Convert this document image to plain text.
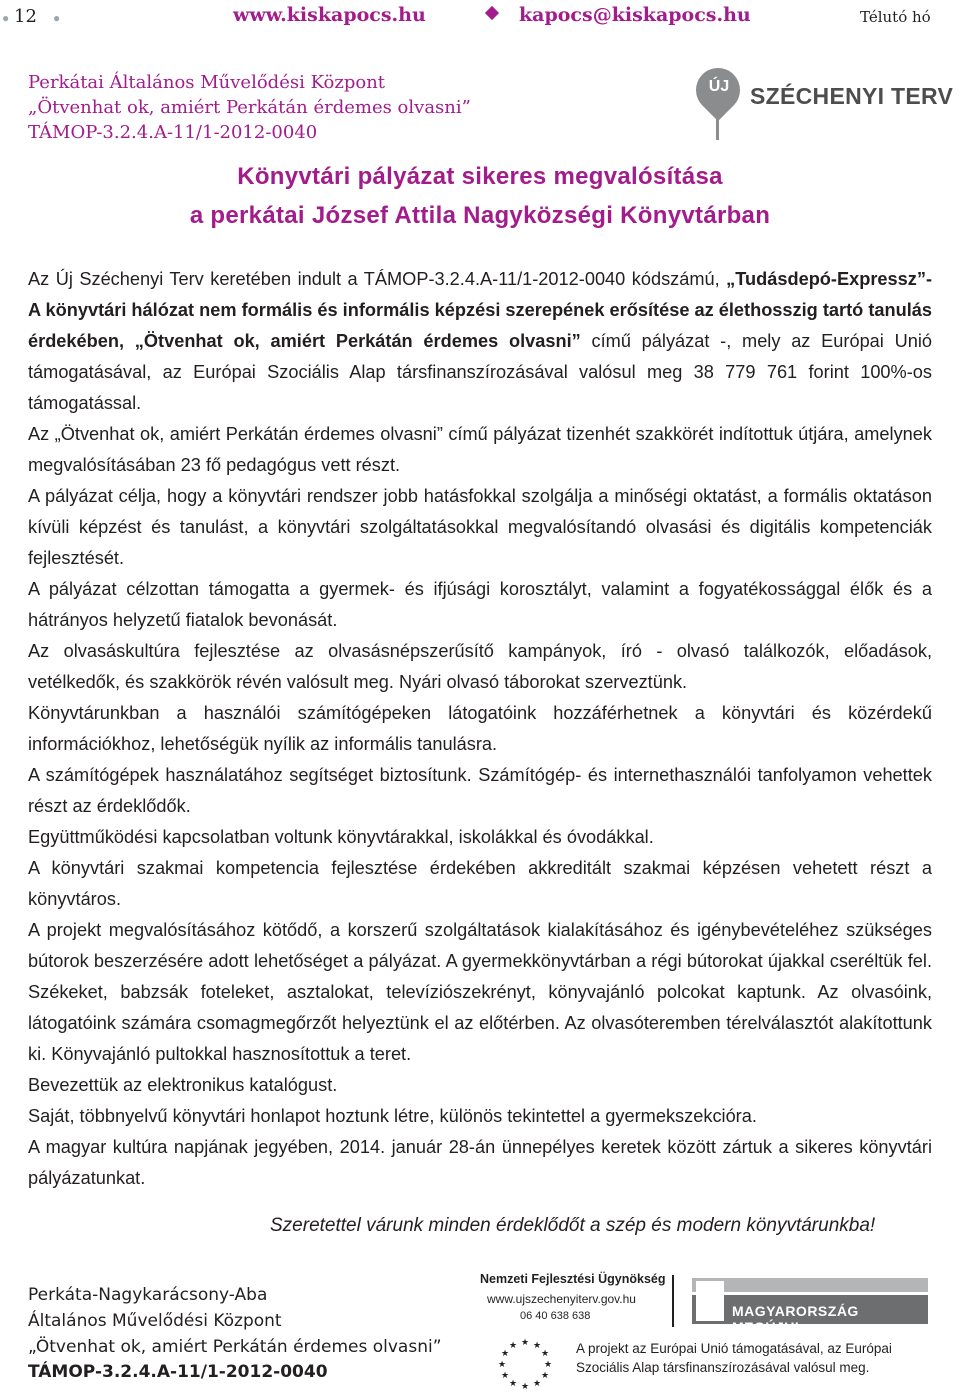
● 12 ●	www.kiskapocs.hu	kapocs@kiskapocs.hu	Télutó hó
Perkátai Általános Művelődési Központ
„Ötvenhat ok, amiért Perkátán érdemes olvasni”
TÁMOP-3.2.4.A-11/1-2012-0040
ÚJ SZÉCHENYI TERV
Könyvtári pályázat sikeres megvalósítása
a perkátai József Attila Nagyközségi Könyvtárban

Az Új Széchenyi Terv keretében indult a TÁMOP-3.2.4.A-11/1-2012-0040 kódszámú, „Tudásdepó-Expressz”- A könyvtári hálózat nem formális és informális képzési szerepének erősítése az élethosszig tartó tanulás érdekében, „Ötvenhat ok, amiért Perkátán érdemes olvasni” című pályázat -, mely az Európai Unió támogatásával, az Európai Szociális Alap társfinanszírozásával valósul meg 38 779 761 forint 100%-os támogatással.

Az „Ötvenhat ok, amiért Perkátán érdemes olvasni” című pályázat tizenhét szakkörét indítottuk útjára, amelynek megvalósításában 23 fő pedagógus vett részt.

A pályázat célja, hogy a könyvtári rendszer jobb hatásfokkal szolgálja a minőségi oktatást, a formális oktatáson kívüli képzést és tanulást, a könyvtári szolgáltatásokkal megvalósítandó olvasási és digitális kompetenciák fejlesztését.

A pályázat célzottan támogatta a gyermek- és ifjúsági korosztályt, valamint a fogyatékossággal élők és a hátrányos helyzetű fiatalok bevonását.

Az olvasáskultúra fejlesztése az olvasásnépszerűsítő kampányok, író - olvasó találkozók, előadások, vetélkedők, és szakkörök révén valósult meg. Nyári olvasó táborokat szerveztünk.

Könyvtárunkban a használói számítógépeken látogatóink hozzáférhetnek a könyvtári és közérdekű információkhoz, lehetőségük nyílik az informális tanulásra.

A számítógépek használatához segítséget biztosítunk. Számítógép- és internethasználói tanfolyamon vehettek részt az érdeklődők.

Együttműködési kapcsolatban voltunk könyvtárakkal, iskolákkal és óvodákkal.

A könyvtári szakmai kompetencia fejlesztése érdekében akkreditált szakmai képzésen vehetett részt a könyvtáros.

A projekt megvalósításához kötődő, a korszerű szolgáltatások kialakításához és igénybevételéhez szükséges bútorok beszerzésére adott lehetőséget a pályázat. A gyermekkönyvtárban a régi bútorokat újakkal cseréltük fel. Székeket, babzsák foteleket, asztalokat, televíziószekrényt, könyvajánló polcokat kaptunk. Az olvasóink, látogatóink számára csomagmegőrzőt helyeztünk el az előtérben. Az olvasóteremben térelválasztót alakítottunk ki. Könyvajánló pultokkal hasznosítottuk a teret.

Bevezettük az elektronikus katalógust.

Saját, többnyelvű könyvtári honlapot hoztunk létre, különös tekintettel a gyermekszekcióra.

A magyar kultúra napjának jegyében, 2014. január 28-án ünnepélyes keretek között zártuk a sikeres könyvtári pályázatunkat.

Szeretettel várunk minden érdeklődőt a szép és modern könyvtárunkba!
Perkáta-Nagykarácsony-Aba
Általános Művelődési Központ
„Ötvenhat ok, amiért Perkátán érdemes olvasni”
TÁMOP-3.2.4.A-11/1-2012-0040
Nemzeti Fejlesztési Ügynökség
www.ujszechenyiterv.gov.hu
06 40 638 638
★ ★
★
★
★
★
★
★
★
★
★
★	A projekt az Európai Unió támogatásával, az Európai
Szociális Alap társfinanszírozásával valósul meg.
MAGYARORSZÁG MEGÚJUL
